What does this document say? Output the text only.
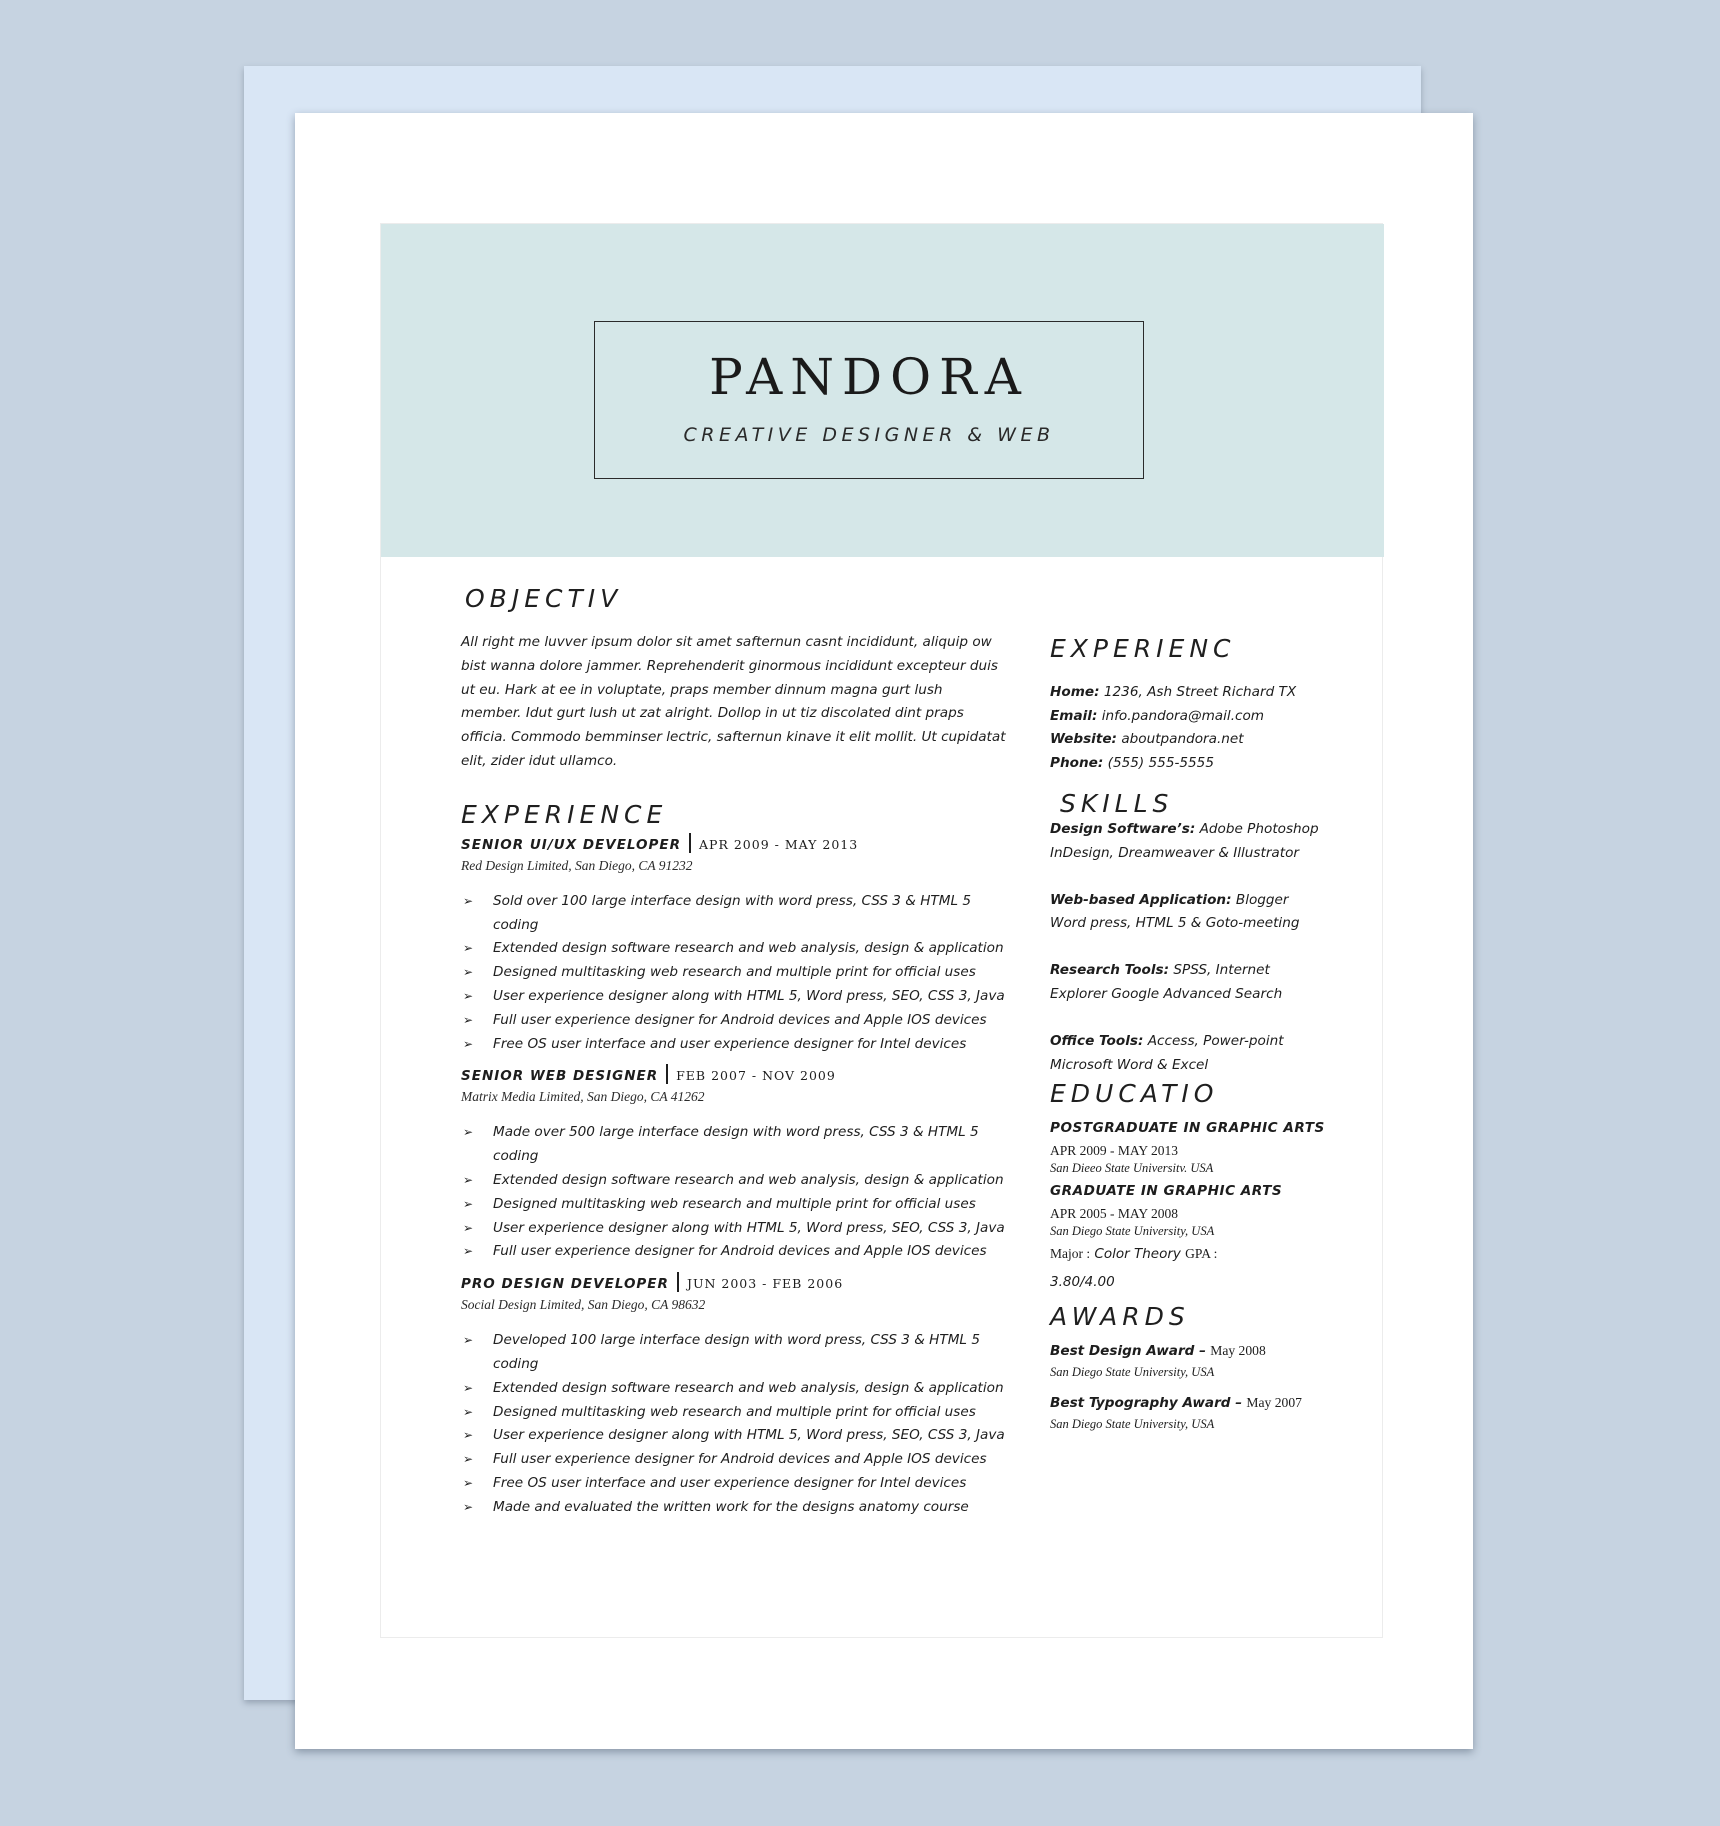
PANDORA
CREATIVE DESIGNER & WEB
OBJECTIV

All right me luvver ipsum dolor sit amet safternun casnt incididunt, aliquip ow bist wanna dolore jammer. Reprehenderit ginormous incididunt excepteur duis ut eu. Hark at ee in voluptate, praps member dinnum magna gurt lush member. Idut gurt lush ut zat alright. Dollop in ut tiz discolated dint praps officia. Commodo bemminser lectric, safternun kinave it elit mollit. Ut cupidatat elit, zider idut ullamco.

EXPERIENCE
SENIOR UI/UX DEVELOPER APR 2009 - MAY 2013
Red Design Limited, San Diego, CA 91232
➢ Sold over 100 large interface design with word press, CSS 3 & HTML 5 coding
➢ Extended design software research and web analysis, design & application
➢ Designed multitasking web research and multiple print for official uses
➢ User experience designer along with HTML 5, Word press, SEO, CSS 3, Java
➢ Full user experience designer for Android devices and Apple IOS devices
➢ Free OS user interface and user experience designer for Intel devices
SENIOR WEB DESIGNER FEB 2007 - NOV 2009
Matrix Media Limited, San Diego, CA 41262
➢ Made over 500 large interface design with word press, CSS 3 & HTML 5 coding
➢ Extended design software research and web analysis, design & application
➢ Designed multitasking web research and multiple print for official uses
➢ User experience designer along with HTML 5, Word press, SEO, CSS 3, Java
➢ Full user experience designer for Android devices and Apple IOS devices
PRO DESIGN DEVELOPER JUN 2003 - FEB 2006
Social Design Limited, San Diego, CA 98632
➢ Developed 100 large interface design with word press, CSS 3 & HTML 5 coding
➢ Extended design software research and web analysis, design & application
➢ Designed multitasking web research and multiple print for official uses
➢ User experience designer along with HTML 5, Word press, SEO, CSS 3, Java
➢ Full user experience designer for Android devices and Apple IOS devices
➢ Free OS user interface and user experience designer for Intel devices
➢ Made and evaluated the written work for the designs anatomy course
EXPERIENC
Home: 1236, Ash Street Richard TX
Email: info.pandora@mail.com
Website: aboutpandora.net
Phone: (555) 555-5555
SKILLS
Design Software’s: Adobe Photoshop InDesign, Dreamweaver & Illustrator
Web-based Application: Blogger Word press, HTML 5 & Goto-meeting
Research Tools: SPSS, Internet Explorer Google Advanced Search
Office Tools: Access, Power-point Microsoft Word & Excel
EDUCATIO
POSTGRADUATE IN GRAPHIC ARTS
APR 2009 - MAY 2013
San Dieeo State Universitv. USA
GRADUATE IN GRAPHIC ARTS
APR 2005 - MAY 2008
San Diego State University, USA
Major : Color Theory GPA :
3.80/4.00
AWARDS
Best Design Award – May 2008
San Diego State University, USA
Best Typography Award – May 2007
San Diego State University, USA
